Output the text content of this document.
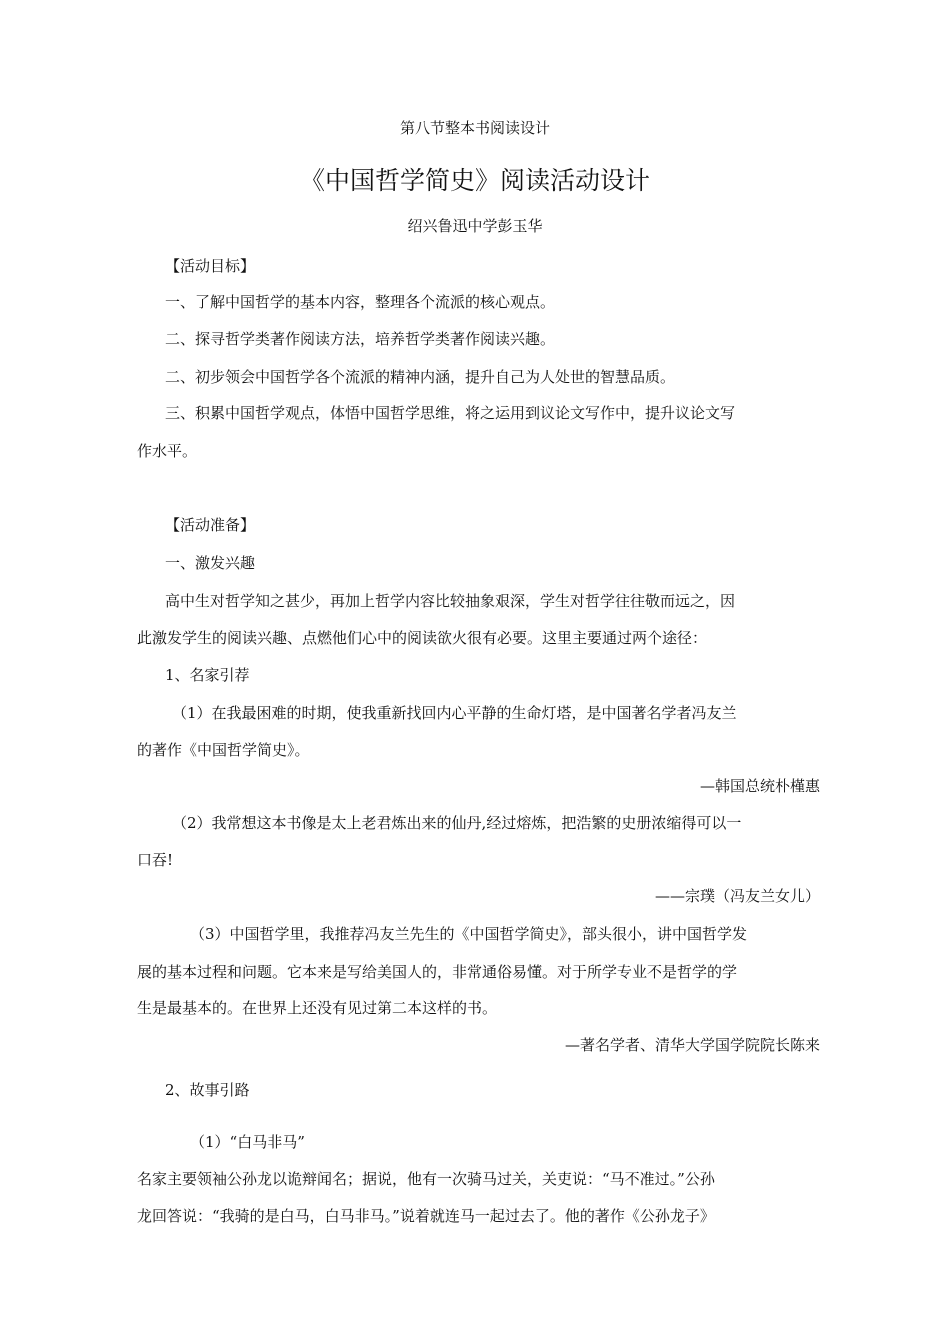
第八节整本书阅读设计
《中国哲学简史》阅读活动设计
绍兴鲁迅中学彭玉华
【活动目标】
一、了解中国哲学的基本内容，整理各个流派的核心观点。
二、探寻哲学类著作阅读方法，培养哲学类著作阅读兴趣。
二、初步领会中国哲学各个流派的精神内涵，提升自己为人处世的智慧品质。
三、积累中国哲学观点，体悟中国哲学思维，将之运用到议论文写作中，提升议论文写
作水平。
【活动准备】
一、激发兴趣
高中生对哲学知之甚少，再加上哲学内容比较抽象艰深，学生对哲学往往敬而远之，因
此激发学生的阅读兴趣、点燃他们心中的阅读欲火很有必要。这里主要通过两个途径：
1、名家引荐
（1）在我最困难的时期，使我重新找回内心平静的生命灯塔，是中国著名学者冯友兰
的著作《中国哲学简史》。
—韩国总统朴槿惠
（2）我常想这本书像是太上老君炼出来的仙丹,经过熔炼，把浩繁的史册浓缩得可以一
口吞!
——宗璞（冯友兰女儿）
（3）中国哲学里，我推荐冯友兰先生的《中国哲学简史》，部头很小，讲中国哲学发
展的基本过程和问题。它本来是写给美国人的，非常通俗易懂。对于所学专业不是哲学的学
生是最基本的。在世界上还没有见过第二本这样的书。
—著名学者、清华大学国学院院长陈来
2、故事引路
（1）“白马非马”
名家主要领袖公孙龙以诡辩闻名；据说，他有一次骑马过关，关吏说：“马不准过。”公孙
龙回答说：“我骑的是白马，白马非马。”说着就连马一起过去了。他的著作《公孙龙子》
